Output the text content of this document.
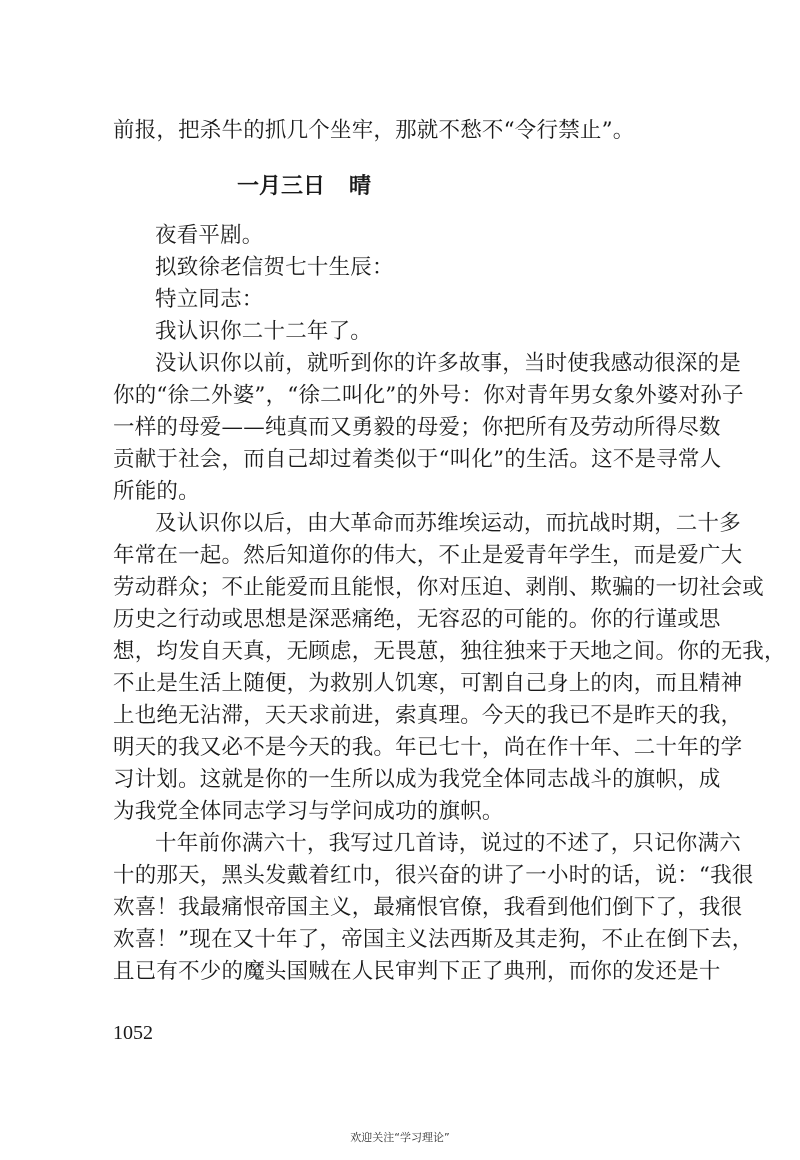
前报，把杀牛的抓几个坐牢，那就不愁不“令行禁止”。
一月三日 晴
夜看平剧。
拟致徐老信贺七十生辰：
特立同志：
我认识你二十二年了。
没认识你以前，就听到你的许多故事，当时使我感动很深的是
你的“徐二外婆”，“徐二叫化”的外号：你对青年男女象外婆对孙子
一样的母爱——纯真而又勇毅的母爱；你把所有及劳动所得尽数
贡献于社会，而自己却过着类似于“叫化”的生活。这不是寻常人
所能的。
及认识你以后，由大革命而苏维埃运动，而抗战时期，二十多
年常在一起。然后知道你的伟大，不止是爱青年学生，而是爱广大
劳动群众；不止能爱而且能恨，你对压迫、剥削、欺骗的一切社会或
历史之行动或思想是深恶痛绝，无容忍的可能的。你的行谨或思
想，均发自天真，无顾虑，无畏葸，独往独来于天地之间。你的无我，
不止是生活上随便，为救别人饥寒，可割自己身上的肉，而且精神
上也绝无沾滞，天天求前进，索真理。今天的我已不是昨天的我，
明天的我又必不是今天的我。年已七十，尚在作十年、二十年的学
习计划。这就是你的一生所以成为我党全体同志战斗的旗帜，成
为我党全体同志学习与学问成功的旗帜。
十年前你满六十，我写过几首诗，说过的不述了，只记你满六
十的那天，黑头发戴着红巾，很兴奋的讲了一小时的话，说：“我很
欢喜！我最痛恨帝国主义，最痛恨官僚，我看到他们倒下了，我很
欢喜！”现在又十年了，帝国主义法西斯及其走狗，不止在倒下去，
且已有不少的魔头国贼在人民审判下正了典刑，而你的发还是十
1052
欢迎关注“学习理论”
